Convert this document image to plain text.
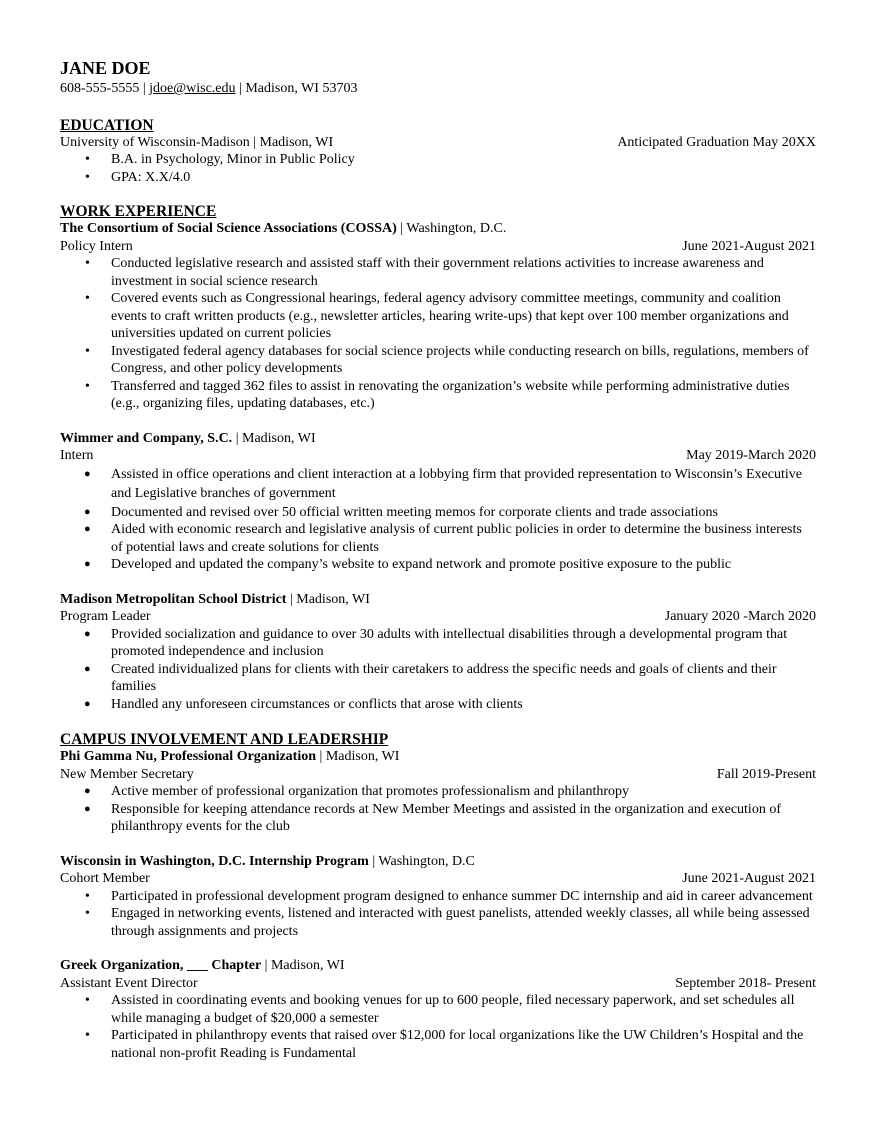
JANE DOE
608-555-5555 | jdoe@wisc.edu | Madison, WI 53703
EDUCATION
University of Wisconsin-Madison | Madison, WI	Anticipated Graduation May 20XX
• B.A. in Psychology, Minor in Public Policy
• GPA: X.X/4.0
WORK EXPERIENCE
The Consortium of Social Science Associations (COSSA) | Washington, D.C.
Policy Intern	June 2021-August 2021
• Conducted legislative research and assisted staff with their government relations activities to increase awareness and investment in social science research
• Covered events such as Congressional hearings, federal agency advisory committee meetings, community and coalition events to craft written products (e.g., newsletter articles, hearing write-ups) that kept over 100 member organizations and universities updated on current policies
• Investigated federal agency databases for social science projects while conducting research on bills, regulations, members of Congress, and other policy developments
• Transferred and tagged 362 files to assist in renovating the organization’s website while performing administrative duties (e.g., organizing files, updating databases, etc.)
Wimmer and Company, S.C. | Madison, WI
Intern	May 2019-March 2020
● Assisted in office operations and client interaction at a lobbying firm that provided representation to Wisconsin’s Executive and Legislative branches of government
● Documented and revised over 50 official written meeting memos for corporate clients and trade associations
● Aided with economic research and legislative analysis of current public policies in order to determine the business interests of potential laws and create solutions for clients
● Developed and updated the company’s website to expand network and promote positive exposure to the public
Madison Metropolitan School District | Madison, WI
Program Leader	January 2020 -March 2020
● Provided socialization and guidance to over 30 adults with intellectual disabilities through a developmental program that promoted independence and inclusion
● Created individualized plans for clients with their caretakers to address the specific needs and goals of clients and their families
● Handled any unforeseen circumstances or conflicts that arose with clients
CAMPUS INVOLVEMENT AND LEADERSHIP
Phi Gamma Nu, Professional Organization | Madison, WI
New Member Secretary	Fall 2019-Present
● Active member of professional organization that promotes professionalism and philanthropy
● Responsible for keeping attendance records at New Member Meetings and assisted in the organization and execution of philanthropy events for the club
Wisconsin in Washington, D.C. Internship Program | Washington, D.C
Cohort Member	June 2021-August 2021
• Participated in professional development program designed to enhance summer DC internship and aid in career advancement
• Engaged in networking events, listened and interacted with guest panelists, attended weekly classes, all while being assessed through assignments and projects
Greek Organization, ___ Chapter | Madison, WI
Assistant Event Director	September 2018- Present
• Assisted in coordinating events and booking venues for up to 600 people, filed necessary paperwork, and set schedules all while managing a budget of $20,000 a semester
• Participated in philanthropy events that raised over $12,000 for local organizations like the UW Children’s Hospital and the national non-profit Reading is Fundamental
